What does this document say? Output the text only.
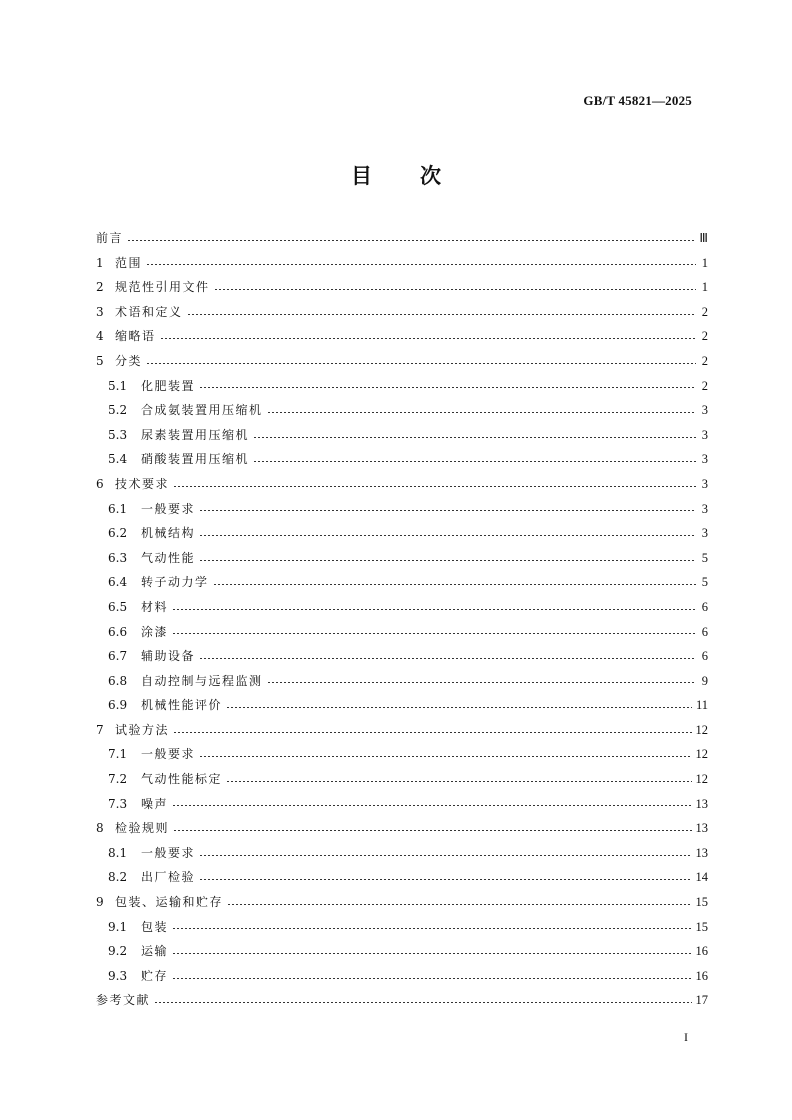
GB/T 45821—2025
目 次
前言	Ⅲ
1 范围	1
2 规范性引用文件	1
3 术语和定义	2
4 缩略语	2
5 分类	2
5.1	化肥装置	2
5.2	合成氨装置用压缩机	3
5.3	尿素装置用压缩机	3
5.4	硝酸装置用压缩机	3
6 技术要求	3
6.1	一般要求	3
6.2	机械结构	3
6.3	气动性能	5
6.4	转子动力学	5
6.5	材料	6
6.6	涂漆	6
6.7	辅助设备	6
6.8	自动控制与远程监测	9
6.9	机械性能评价	11
7 试验方法	12
7.1	一般要求	12
7.2	气动性能标定	12
7.3	噪声	13
8 检验规则	13
8.1	一般要求	13
8.2	出厂检验	14
9 包装、运输和贮存	15
9.1	包装	15
9.2	运输	16
9.3	贮存	16
参考文献	17
I
